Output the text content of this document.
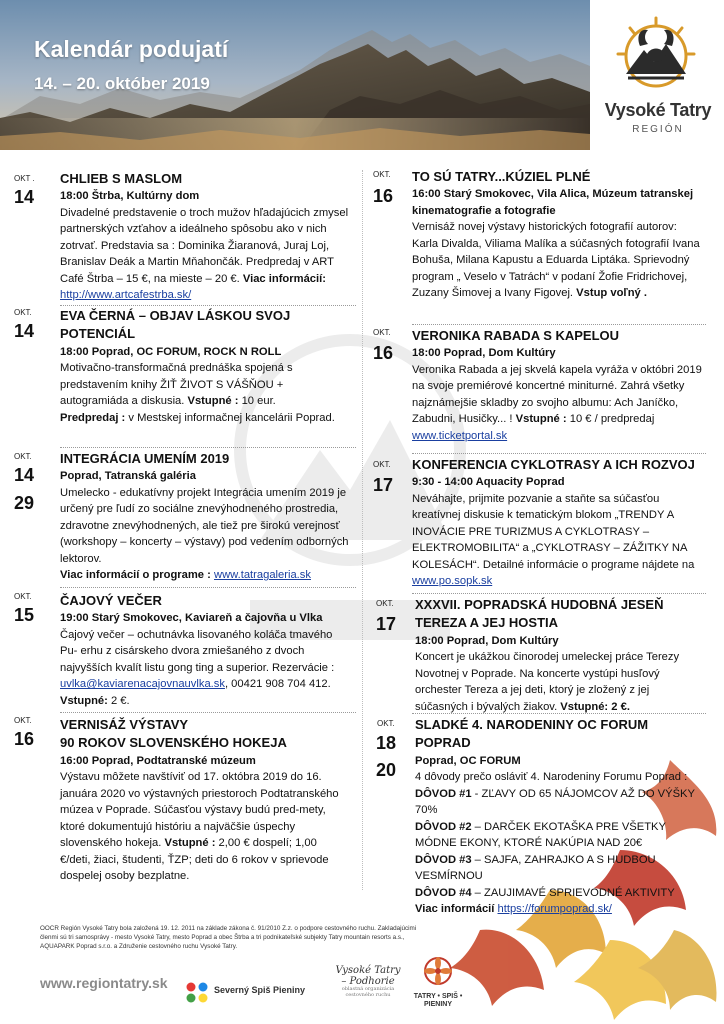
Kalendár podujatí
14. – 20. október 2019
Vysoké Tatry
REGIÓN
OKT .
14
CHLIEB S MASLOM
18:00 Štrba, Kultúrny dom
Divadelné predstavenie o troch mužov hľadajúcich zmysel partnerských vzťahov a ideálneho spôsobu ako v nich zotrvať. Predstavia sa : Dominika Žiaranová, Juraj Loj, Branislav Deák a Martin Mňahončák. Predpredaj v ART Café Štrba – 15 €, na mieste – 20 €. Viac informácií: http://www.artcafestrba.sk/
OKT.
14
EVA ČERNÁ – OBJAV LÁSKOU SVOJ POTENCIÁL
18:00 Poprad, OC FORUM, ROCK N ROLL
Motivačno-transformačná prednáška spojená s predstavením knihy ŽIŤ ŽIVOT S VÁŠŇOU + autogramiáda a diskusia. Vstupné : 10 eur.
Predpredaj : v Mestskej informačnej kancelárii Poprad.
OKT.
14
29
INTEGRÁCIA UMENÍM 2019
Poprad, Tatranská galéria
Umelecko - edukatívny projekt Integrácia umením 2019 je určený pre ľudí zo sociálne znevýhodneného prostredia, zdravotne znevýhodnených, ale tiež pre širokú verejnosť (workshopy – koncerty – výstavy) pod vedením odborných lektorov.
Viac informácií o programe : www.tatragaleria.sk
OKT.
15
ČAJOVÝ VEČER
19:00 Starý Smokovec, Kaviareň a čajovňa u Vlka
Čajový večer – ochutnávka lisovaného koláča tmavého Pu- erhu z cisárskeho dvora zmiešaného z dvoch najvyšších kvalít listu gong ting a superior. Rezervácie : uvlka@kaviarenacajovnauvlka.sk, 00421 908 704 412. Vstupné: 2 €.
OKT.
16
VERNISÁŽ VÝSTAVY
90 ROKOV SLOVENSKÉHO HOKEJA
16:00 Poprad, Podtatranské múzeum
Výstavu môžete navštíviť od 17. októbra 2019 do 16. januára 2020 vo výstavných priestoroch Podtatranského múzea v Poprade. Súčasťou výstavy budú pred-mety, ktoré dokumentujú históriu a najväčšie úspechy slovenského hokeja. Vstupné : 2,00 € dospelí; 1,00 €/deti, žiaci, študenti, ŤZP; deti do 6 rokov v sprievode dospelej osoby bezplatne.
OKT.
16
TO SÚ TATRY...KÚZIEL PLNÉ
16:00 Starý Smokovec, Vila Alica, Múzeum tatranskej kinematografie a fotografie
Vernisáž novej výstavy historických fotografií autorov: Karla Divalda, Viliama Malíka a súčasných fotografií Ivana Bohuša, Milana Kapustu a Eduarda Liptáka. Sprievodný program „ Veselo v Tatrách“ v podaní Žofie Fridrichovej, Zuzany Šimovej a Ivany Figovej. Vstup voľný .
OKT.
16
VERONIKA RABADA S KAPELOU
18:00 Poprad, Dom Kultúry
Veronika Rabada a jej skvelá kapela vyráža v októbri 2019 na svoje premiérové koncertné miniturné. Zahrá všetky najznámejšie skladby zo svojho albumu: Ach Janíčko, Zabudni, Husičky... ! Vstupné : 10 € / predpredaj www.ticketportal.sk
OKT.
17
KONFERENCIA CYKLOTRASY A ICH ROZVOJ
9:30 - 14:00 Aquacity Poprad
Neváhajte, prijmite pozvanie a staňte sa súčasťou kreatívnej diskusie k tematickým blokom „TRENDY A INOVÁCIE PRE TURIZMUS A CYKLOTRASY – ELEKTROMOBILITA“ a „CYKLOTRASY – ZÁŽITKY NA KOLESÁCH“. Detailné informácie o programe nájdete na www.po.sopk.sk
OKT.
17
XXXVII. POPRADSKÁ HUDOBNÁ JESEŇ
TEREZA A JEJ HOSTIA
18:00 Poprad, Dom Kultúry
Koncert je ukážkou činorodej umeleckej práce Terezy Novotnej v Poprade. Na koncerte vystúpi husľový orchester Tereza a jej deti, ktorý je zložený z jej súčasných i bývalých žiakov. Vstupné: 2 €.
OKT.
18
20
SLADKÉ 4. NARODENINY OC FORUM POPRAD
Poprad, OC FORUM
4 dôvody prečo osláviť 4. Narodeniny Forumu Poprad :
DÔVOD #1 - ZĽAVY OD 65 NÁJOMCOV AŽ DO VÝŠKY 70%
DÔVOD #2 – DARČEK EKOTAŠKA PRE VŠETKY MÓDNE EKONY, KTORÉ NAKÚPIA NAD 20€
DÔVOD #3 – SAJFA, ZAHRAJKO A S HUDBOU VESMÍRNOU
DÔVOD #4 – ZAUJIMAVÉ SPRIEVODNÉ AKTIVITY
Viac informácií https://forumpoprad.sk/
OOCR Región Vysoké Tatry bola založená 19. 12. 2011 na základe zákona č. 91/2010 Z.z. o podpore cestovného ruchu. Zakladajúcimi členmi sú tri samosprávy - mesto Vysoké Tatry, mesto Poprad a obec Štrba a tri podnikateľské subjekty Tatry mountain resorts a.s., AQUAPARK Poprad s.r.o. a Združenie cestovného ruchu Vysoké Tatry.
www.regiontatry.sk	Severný Spiš Pieniny
Vysoké Tatry – Podhorie
oblastná organizácia cestovného ruchu	TATRY • SPIŠ • PIENINY
